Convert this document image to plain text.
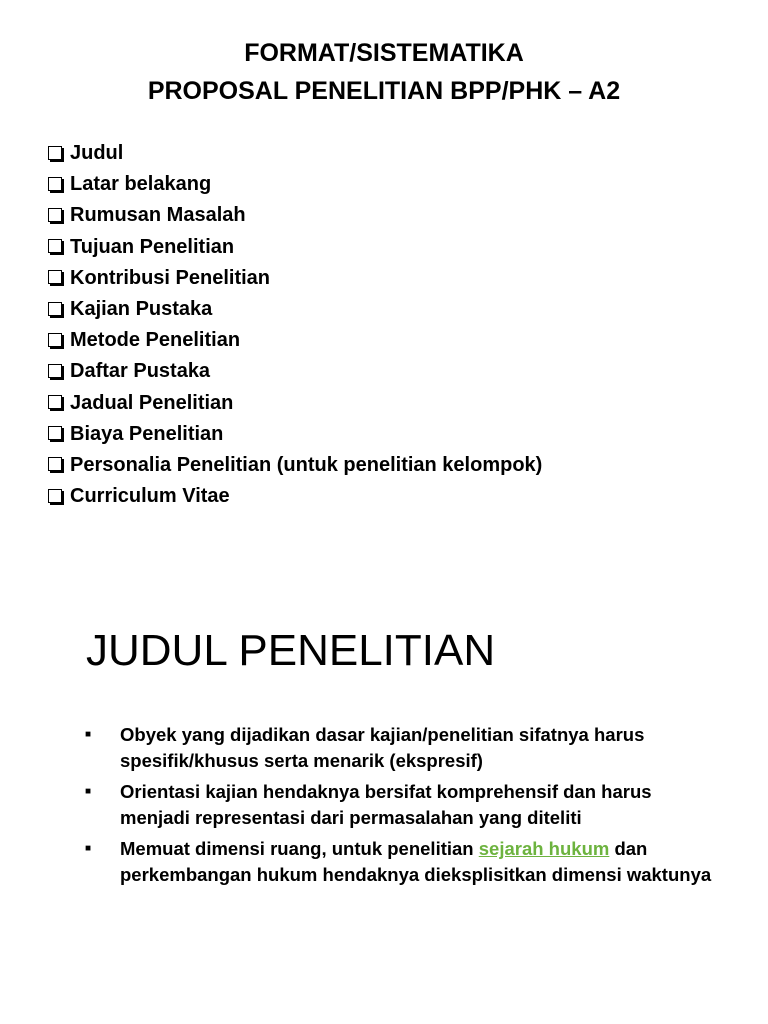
FORMAT/SISTEMATIKA
PROPOSAL PENELITIAN BPP/PHK – A2
Judul
Latar belakang
Rumusan Masalah
Tujuan Penelitian
Kontribusi Penelitian
Kajian Pustaka
Metode Penelitian
Daftar Pustaka
Jadual Penelitian
Biaya Penelitian
Personalia Penelitian (untuk penelitian kelompok)
Curriculum Vitae
JUDUL PENELITIAN
■	Obyek yang dijadikan dasar kajian/penelitian sifatnya harus spesifik/khusus serta menarik (ekspresif)
■	Orientasi kajian hendaknya bersifat komprehensif dan harus menjadi representasi dari permasalahan yang diteliti
■	Memuat dimensi ruang, untuk penelitian sejarah hukum dan perkembangan hukum hendaknya dieksplisitkan dimensi waktunya
